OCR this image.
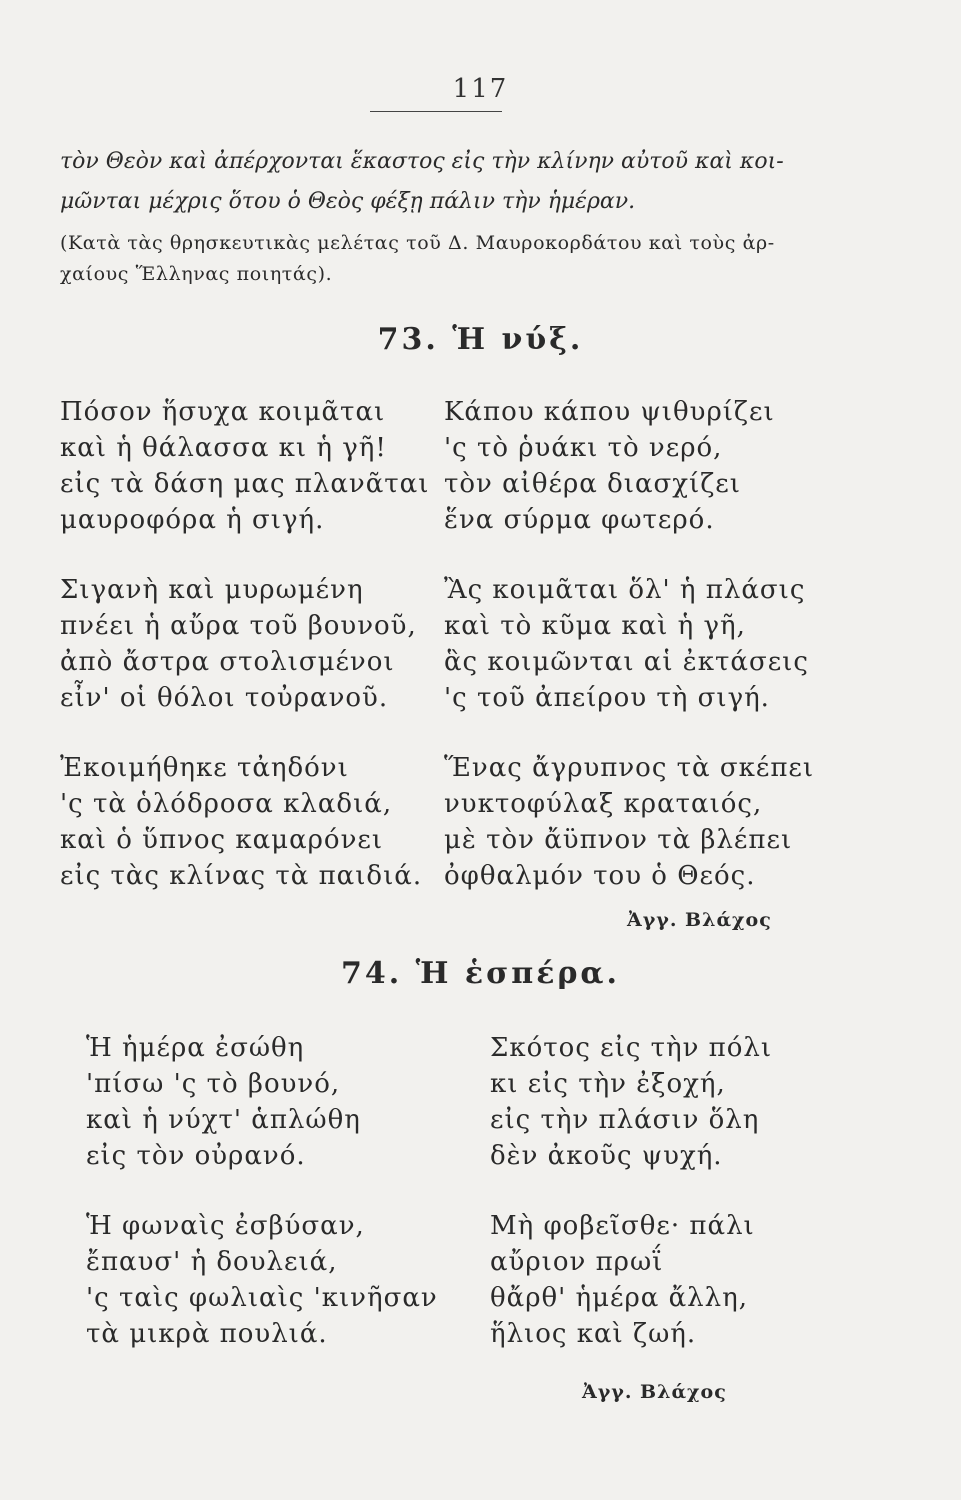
117

τὸν Θεὸν καὶ ἀπέρχονται ἕκαστος εἰς τὴν κλίνην αὐτοῦ καὶ κοι-

μῶνται μέχρις ὅτου ὁ Θεὸς φέξῃ πάλιν τὴν ἡμέραν.

(Κατὰ τὰς θρησκευτικὰς μελέτας τοῦ Δ. Μαυροκορδάτου καὶ τοὺς ἀρ-
χαίους Ἕλληνας ποιητάς).
73. Ἡ νύξ.
Πόσον ἥσυχα κοιμᾶται
καὶ ἡ θάλασσα κι ἡ γῆ!
εἰς τὰ δάση μας πλανᾶται
μαυροφόρα ἡ σιγή.
Σιγανὴ καὶ μυρωμένη
πνέει ἡ αὔρα τοῦ βουνοῦ,
ἀπὸ ἄστρα στολισμένοι
εἶν' οἱ θόλοι τοὐρανοῦ.
Ἐκοιμήθηκε τἀηδόνι
'ς τὰ ὁλόδροσα κλαδιά,
καὶ ὁ ὕπνος καμαρόνει
εἰς τὰς κλίνας τὰ παιδιά.
Κάπου κάπου ψιθυρίζει
'ς τὸ ῥυάκι τὸ νερό,
τὸν αἰθέρα διασχίζει
ἕνα σύρμα φωτερό.
Ἂς κοιμᾶται ὅλ' ἡ πλάσις
καὶ τὸ κῦμα καὶ ἡ γῆ,
ἃς κοιμῶνται αἱ ἐκτάσεις
'ς τοῦ ἀπείρου τὴ σιγή.
Ἕνας ἄγρυπνος τὰ σκέπει
νυκτοφύλαξ κραταιός,
μὲ τὸν ἄϋπνον τὰ βλέπει
ὀφθαλμόν του ὁ Θεός.
Ἀγγ. Βλάχος
74. Ἡ ἑσπέρα.
Ἡ ἡμέρα ἐσώθη
'πίσω 'ς τὸ βουνό,
καὶ ἡ νύχτ' ἁπλώθη
εἰς τὸν οὐρανό.
Ἡ φωναὶς ἐσβύσαν,
ἔπαυσ' ἡ δουλειά,
'ς ταὶς φωλιαὶς 'κινῆσαν
τὰ μικρὰ πουλιά.
Σκότος εἰς τὴν πόλι
κι εἰς τὴν ἐξοχή,
εἰς τὴν πλάσιν ὅλη
δὲν ἀκοῦς ψυχή.
Μὴ φοβεῖσθε· πάλι
αὔριον πρωΐ
θἄρθ' ἡμέρα ἄλλη,
ἥλιος καὶ ζωή.
Ἀγγ. Βλάχος
